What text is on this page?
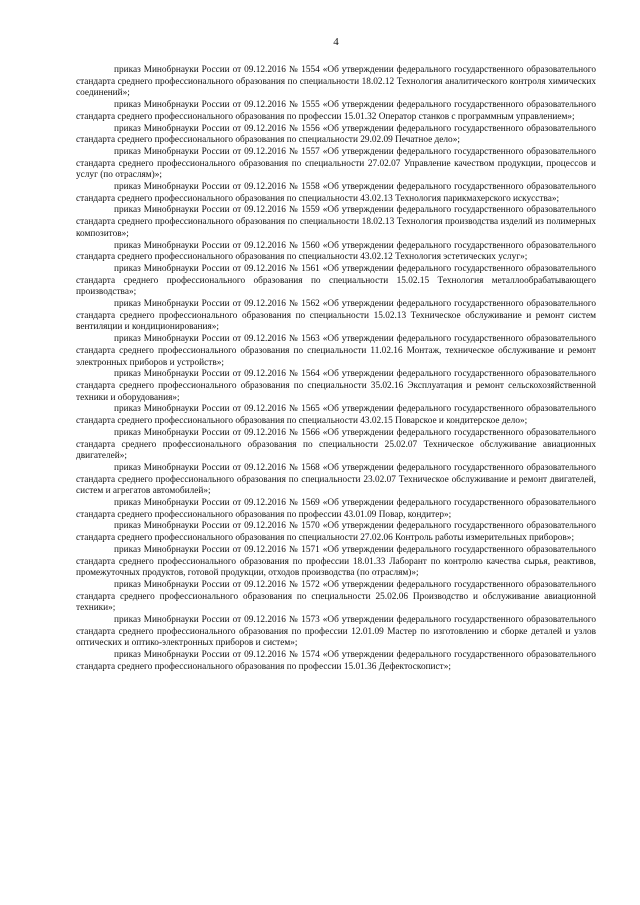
4

приказ Минобрнауки России от 09.12.2016 № 1554 «Об утверждении федерального государственного образовательного стандарта среднего профессионального образования по специальности 18.02.12 Технология аналитического контроля химических соединений»;

приказ Минобрнауки России от 09.12.2016 № 1555 «Об утверждении федерального государственного образовательного стандарта среднего профессионального образования по профессии 15.01.32 Оператор станков с программным управлением»;

приказ Минобрнауки России от 09.12.2016 № 1556 «Об утверждении федерального государственного образовательного стандарта среднего профессионального образования по специальности 29.02.09 Печатное дело»;

приказ Минобрнауки России от 09.12.2016 № 1557 «Об утверждении федерального государственного образовательного стандарта среднего профессионального образования по специальности 27.02.07 Управление качеством продукции, процессов и услуг (по отраслям)»;

приказ Минобрнауки России от 09.12.2016 № 1558 «Об утверждении федерального государственного образовательного стандарта среднего профессионального образования по специальности 43.02.13 Технология парикмахерского искусства»;

приказ Минобрнауки России от 09.12.2016 № 1559 «Об утверждении федерального государственного образовательного стандарта среднего профессионального образования по специальности 18.02.13 Технология производства изделий из полимерных композитов»;

приказ Минобрнауки России от 09.12.2016 № 1560 «Об утверждении федерального государственного образовательного стандарта среднего профессионального образования по специальности 43.02.12 Технология эстетических услуг»;

приказ Минобрнауки России от 09.12.2016 № 1561 «Об утверждении федерального государственного образовательного стандарта среднего профессионального образования по специальности 15.02.15 Технология металлообрабатывающего производства»;

приказ Минобрнауки России от 09.12.2016 № 1562 «Об утверждении федерального государственного образовательного стандарта среднего профессионального образования по специальности 15.02.13 Техническое обслуживание и ремонт систем вентиляции и кондиционирования»;

приказ Минобрнауки России от 09.12.2016 № 1563 «Об утверждении федерального государственного образовательного стандарта среднего профессионального образования по специальности 11.02.16 Монтаж, техническое обслуживание и ремонт электронных приборов и устройств»;

приказ Минобрнауки России от 09.12.2016 № 1564 «Об утверждении федерального государственного образовательного стандарта среднего профессионального образования по специальности 35.02.16 Эксплуатация и ремонт сельскохозяйственной техники и оборудования»;

приказ Минобрнауки России от 09.12.2016 № 1565 «Об утверждении федерального государственного образовательного стандарта среднего профессионального образования по специальности 43.02.15 Поварское и кондитерское дело»;

приказ Минобрнауки России от 09.12.2016 № 1566 «Об утверждении федерального государственного образовательного стандарта среднего профессионального образования по специальности 25.02.07 Техническое обслуживание авиационных двигателей»;

приказ Минобрнауки России от 09.12.2016 № 1568 «Об утверждении федерального государственного образовательного стандарта среднего профессионального образования по специальности 23.02.07 Техническое обслуживание и ремонт двигателей, систем и агрегатов автомобилей»;

приказ Минобрнауки России от 09.12.2016 № 1569 «Об утверждении федерального государственного образовательного стандарта среднего профессионального образования по профессии 43.01.09 Повар, кондитер»;

приказ Минобрнауки России от 09.12.2016 № 1570 «Об утверждении федерального государственного образовательного стандарта среднего профессионального образования по специальности 27.02.06 Контроль работы измерительных приборов»;

приказ Минобрнауки России от 09.12.2016 № 1571 «Об утверждении федерального государственного образовательного стандарта среднего профессионального образования по профессии 18.01.33 Лаборант по контролю качества сырья, реактивов, промежуточных продуктов, готовой продукции, отходов производства (по отраслям)»;

приказ Минобрнауки России от 09.12.2016 № 1572 «Об утверждении федерального государственного образовательного стандарта среднего профессионального образования по специальности 25.02.06 Производство и обслуживание авиационной техники»;

приказ Минобрнауки России от 09.12.2016 № 1573 «Об утверждении федерального государственного образовательного стандарта среднего профессионального образования по профессии 12.01.09 Мастер по изготовлению и сборке деталей и узлов оптических и оптико-электронных приборов и систем»;

приказ Минобрнауки России от 09.12.2016 № 1574 «Об утверждении федерального государственного образовательного стандарта среднего профессионального образования по профессии 15.01.36 Дефектоскопист»;
